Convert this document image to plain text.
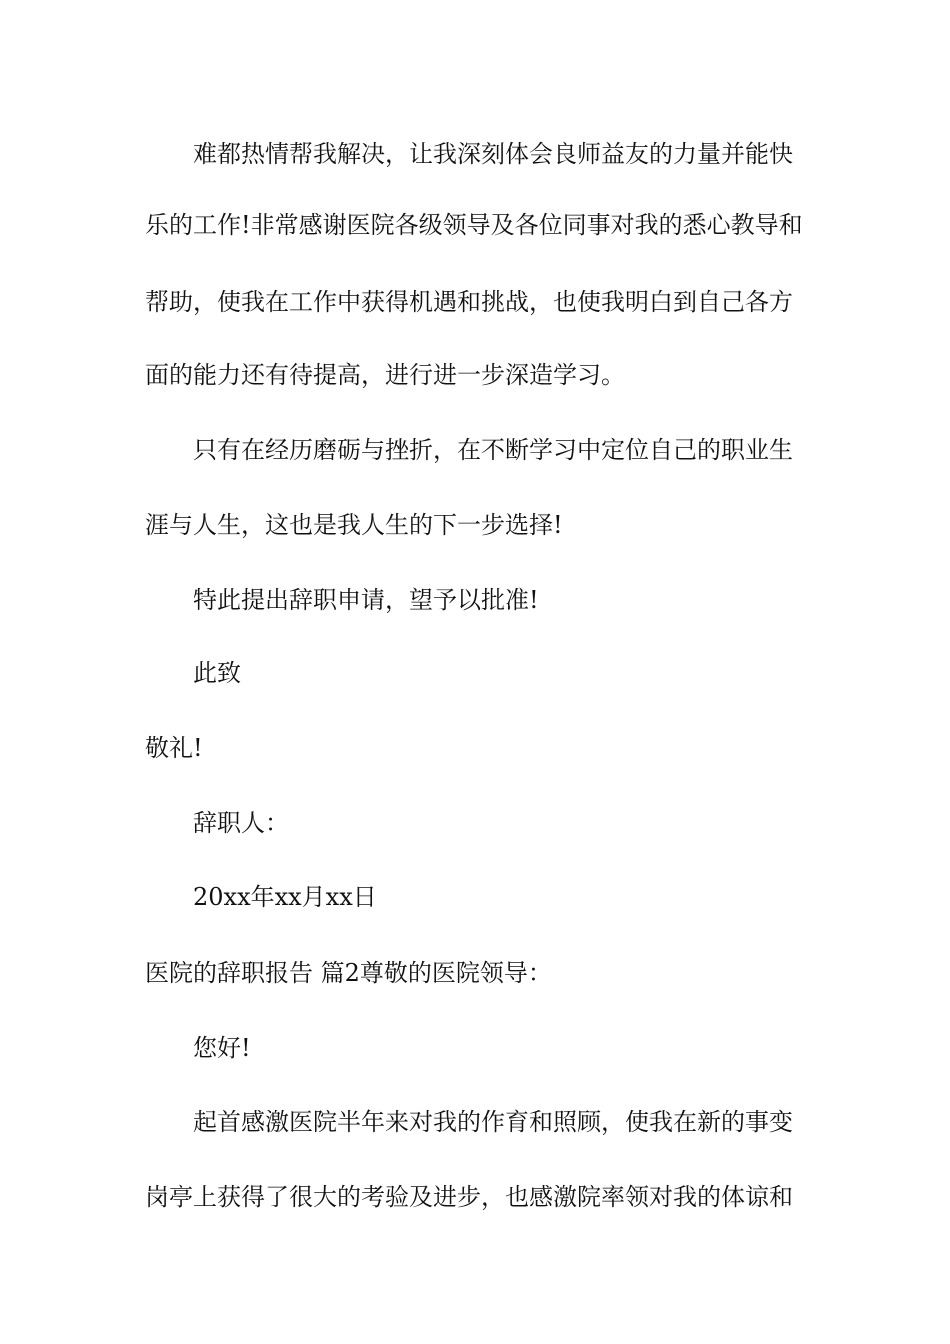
难都热情帮我解决，让我深刻体会良师益友的力量并能快
乐的工作!非常感谢医院各级领导及各位同事对我的悉心教导和
帮助，使我在工作中获得机遇和挑战，也使我明白到自己各方
面的能力还有待提高，进行进一步深造学习。
只有在经历磨砺与挫折，在不断学习中定位自己的职业生
涯与人生，这也是我人生的下一步选择!
特此提出辞职申请，望予以批准!
此致
敬礼!
辞职人：
20xx年xx月xx日
医院的辞职报告 篇2尊敬的医院领导：
您好!
起首感激医院半年来对我的作育和照顾，使我在新的事变
岗亭上获得了很大的考验及进步，也感激院率领对我的体谅和
